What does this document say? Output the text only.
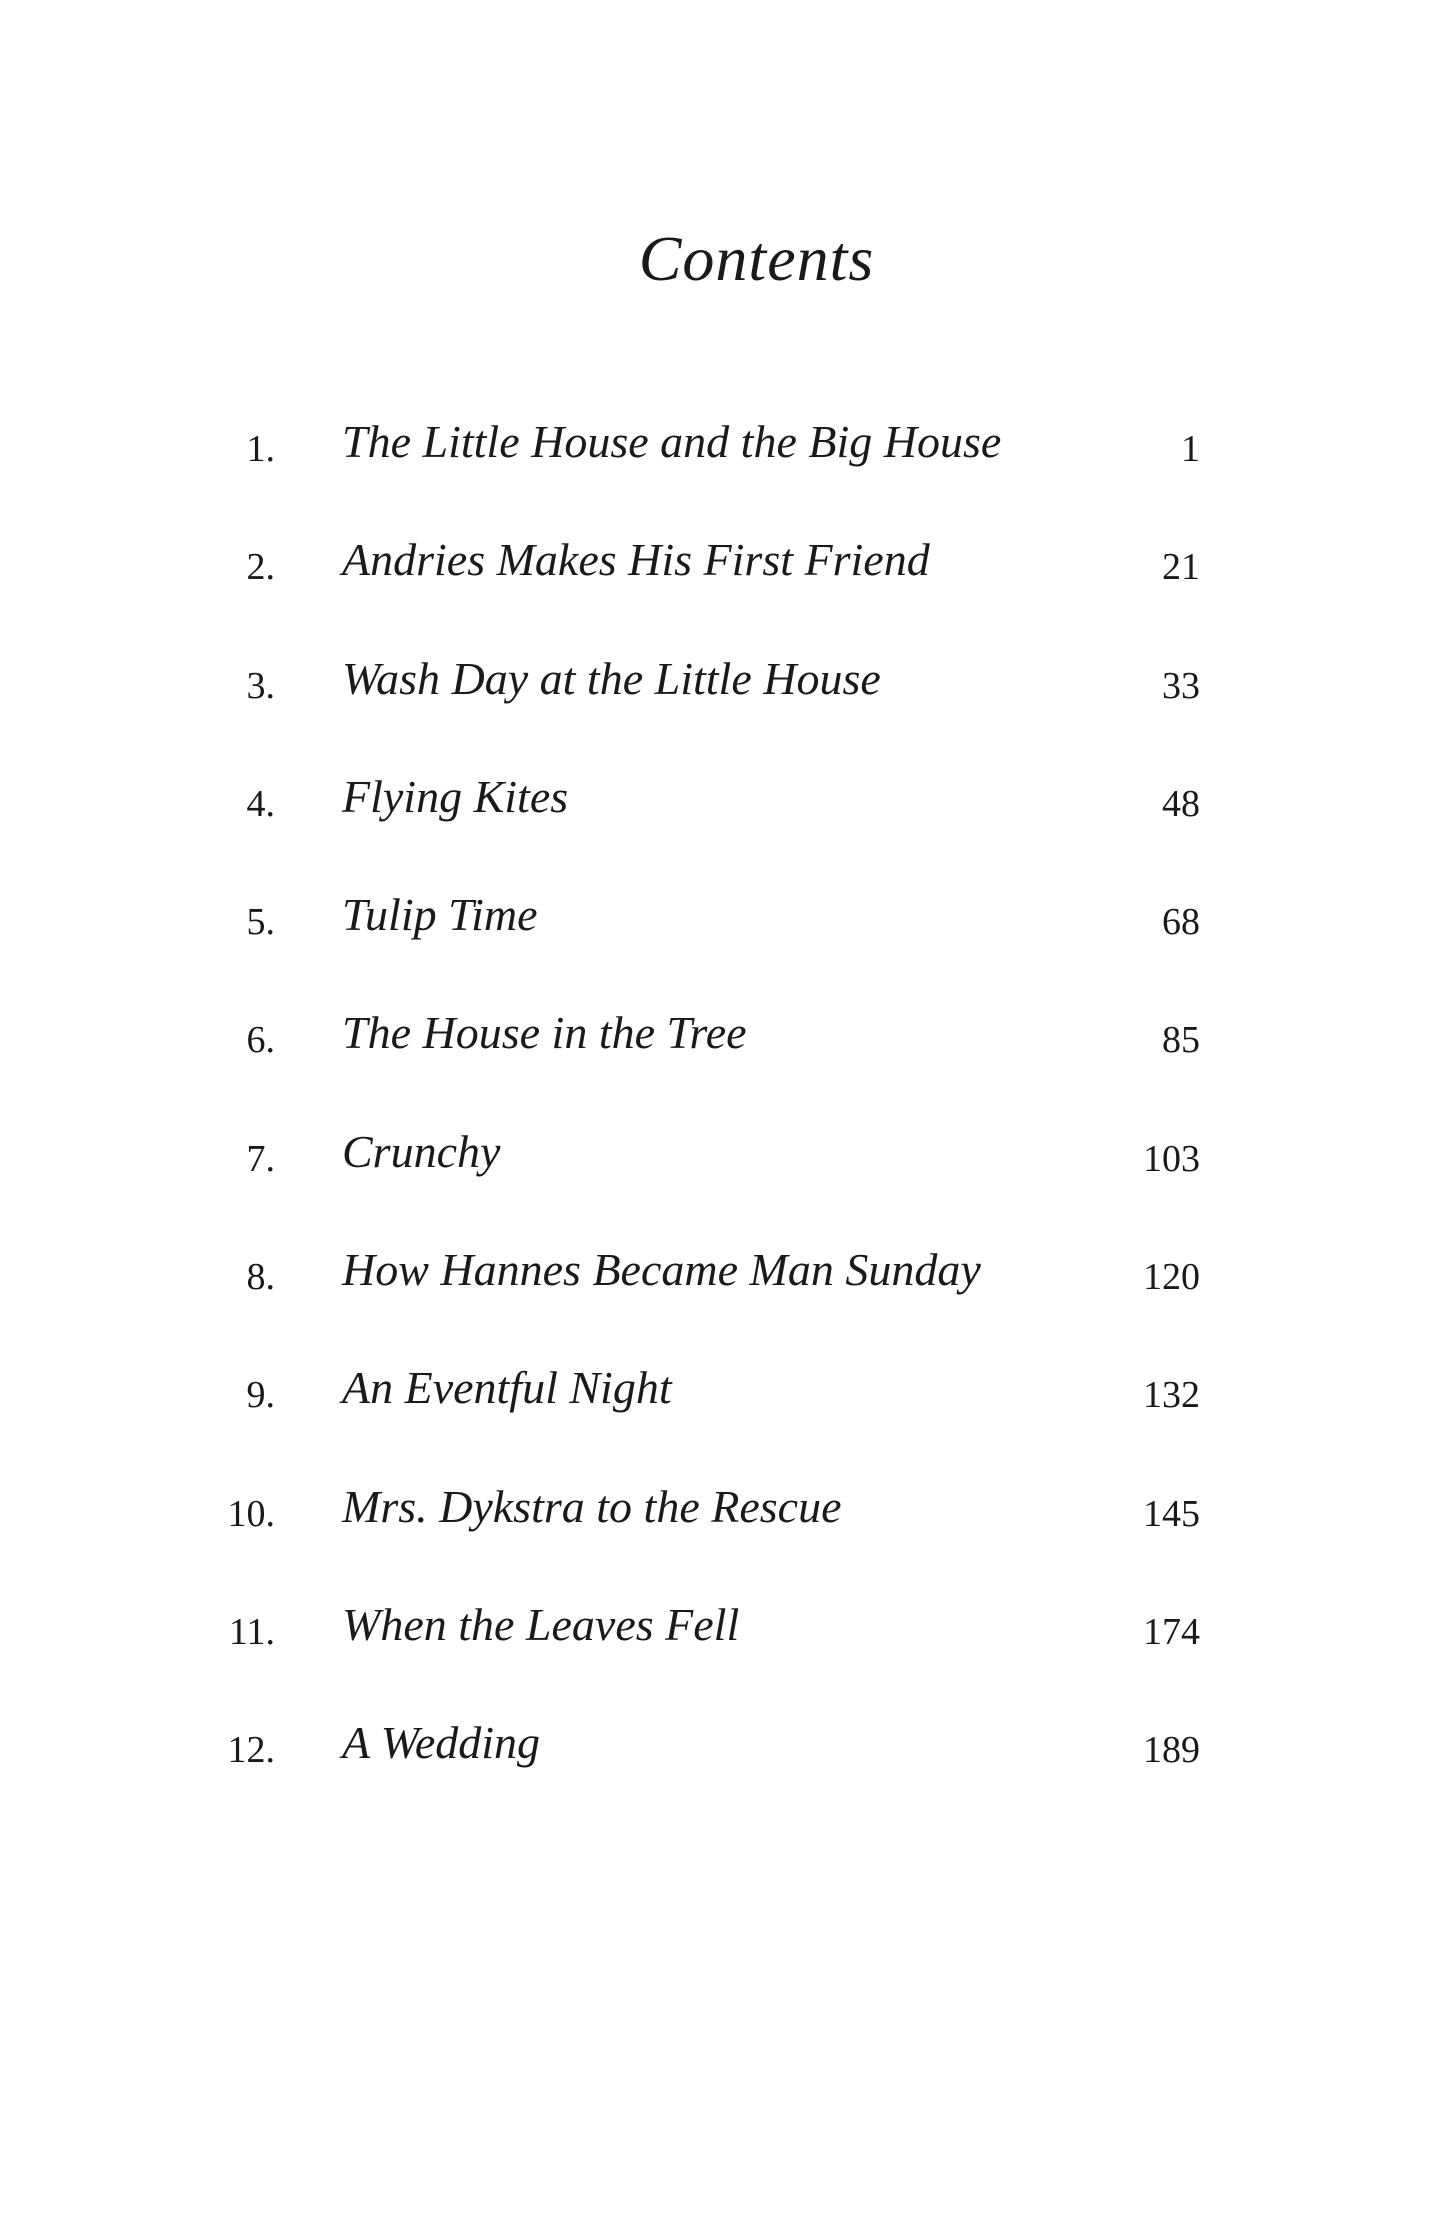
Contents
1. The Little House and the Big House	1
2. Andries Makes His First Friend	21
3. Wash Day at the Little House	33
4. Flying Kites	48
5. Tulip Time	68
6. The House in the Tree	85
7. Crunchy	103
8. How Hannes Became Man Sunday	120
9. An Eventful Night	132
10. Mrs. Dykstra to the Rescue	145
11. When the Leaves Fell	174
12. A Wedding	189
